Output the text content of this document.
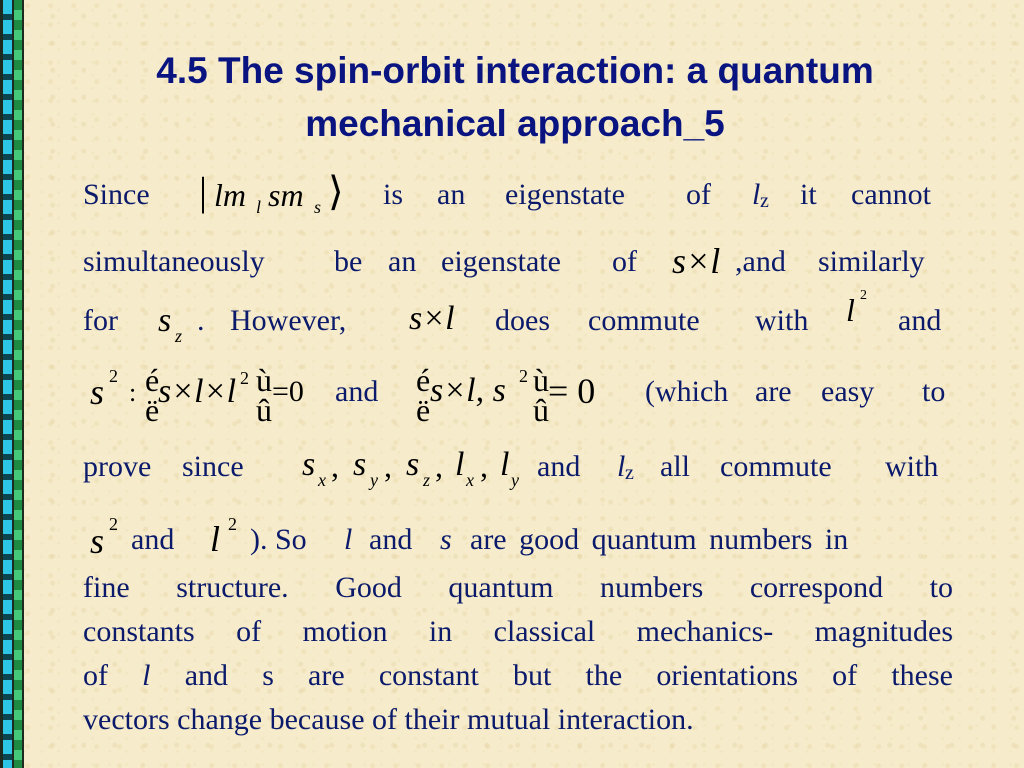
4.5 The spin-orbit interaction: a quantum
mechanical approach_5
Since | lm l sm s ⟩ is an eigenstate of l z it cannot
simultaneously be an eigenstate of s×l ,and similarly
for s z . However, s×l does commute with l 2
and
s 2
: é
ë
s×l×l 2 ù
û
=0 and é
ë
s×l, s 2 ù
û = 0 (which are easy to
prove since s x , s y , s z , l x , l y and l z all commute with
s 2 and l 2 ). So l and s are good quantum numbers in
fine structure. Good quantum numbers correspond to
constants of motion in classical mechanics- magnitudes
of l and s are constant but the orientations of these
vectors change because of their mutual interaction.
